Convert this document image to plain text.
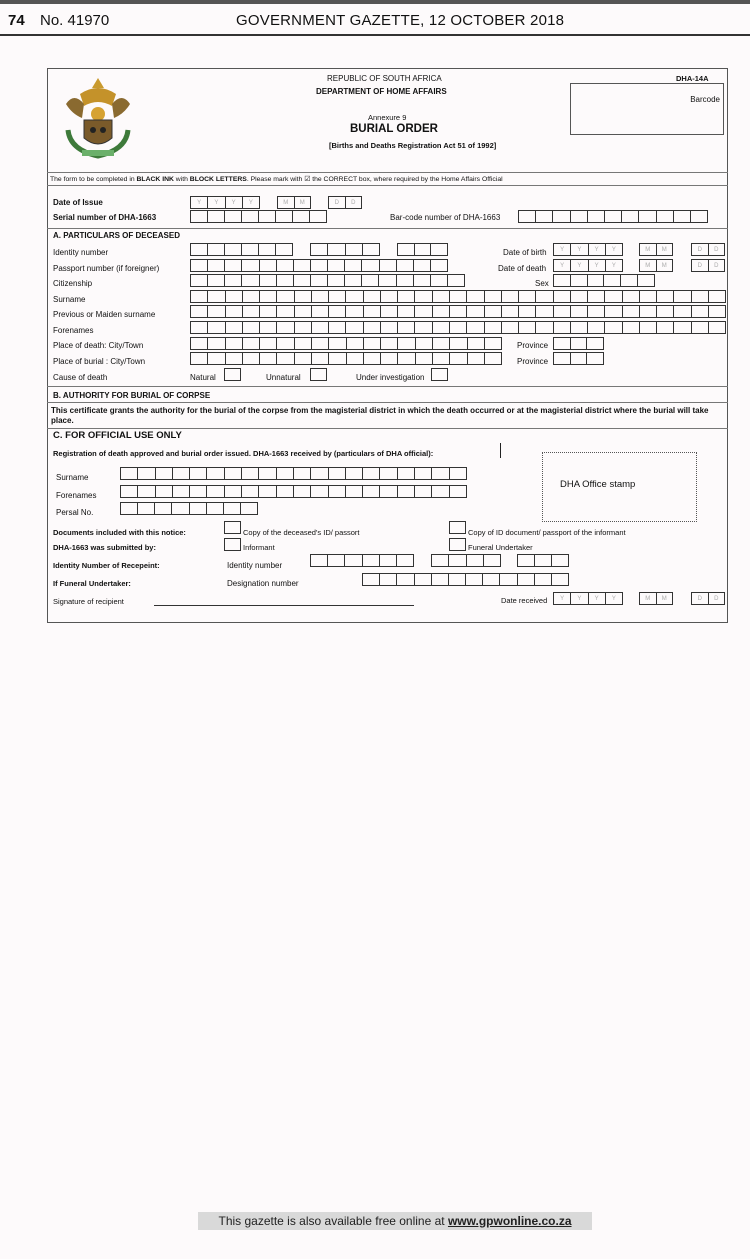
74 No. 41970	GOVERNMENT GAZETTE, 12 OCTOBER 2018
REPUBLIC OF SOUTH AFRICA
DEPARTMENT OF HOME AFFAIRS
Annexure 9
BURIAL ORDER
[Births and Deaths Registration Act 51 of 1992]
DHA-14A
Barcode
The form to be completed in BLACK INK with BLOCK LETTERS. Please mark with ☑ the CORRECT box, where required by the Home Affairs Official
Date of Issue	Y	Y	Y	Y	M	M	D	D
Serial number of DHA-1663	Bar-code number of DHA-1663
A. PARTICULARS OF DECEASED
Identity number	Date of birth	Y	Y	Y	Y	M	M	D	D
Passport number (if foreigner)	Date of death	Y	Y	Y	Y	M	M	D	D
Citizenship	Sex
Surname
Previous or Maiden surname
Forenames
Place of death: City/Town	Province
Place of burial : City/Town	Province
Cause of death	Natural	Unnatural	Under investigation
B. AUTHORITY FOR BURIAL OF CORPSE
This certificate grants the authority for the burial of the corpse from the magisterial district in which the death occurred or at the magisterial district where the burial will take place.
C. FOR OFFICIAL USE ONLY
Registration of death approved and burial order issued. DHA-1663 received by (particulars of DHA official):
Surname
Forenames
Persal No.
DHA Office stamp
Documents included with this notice:	Copy of the deceased's ID/ passort	Copy of ID document/ passport of the informant
DHA-1663 was submitted by:	Informant	Funeral Undertaker
Identity Number of Recepeint:	Identity number
If Funeral Undertaker:	Designation number
Signature of recipient	Date received	Y	Y	Y	Y	M	M	D	D
This gazette is also available free online at www.gpwonline.co.za
